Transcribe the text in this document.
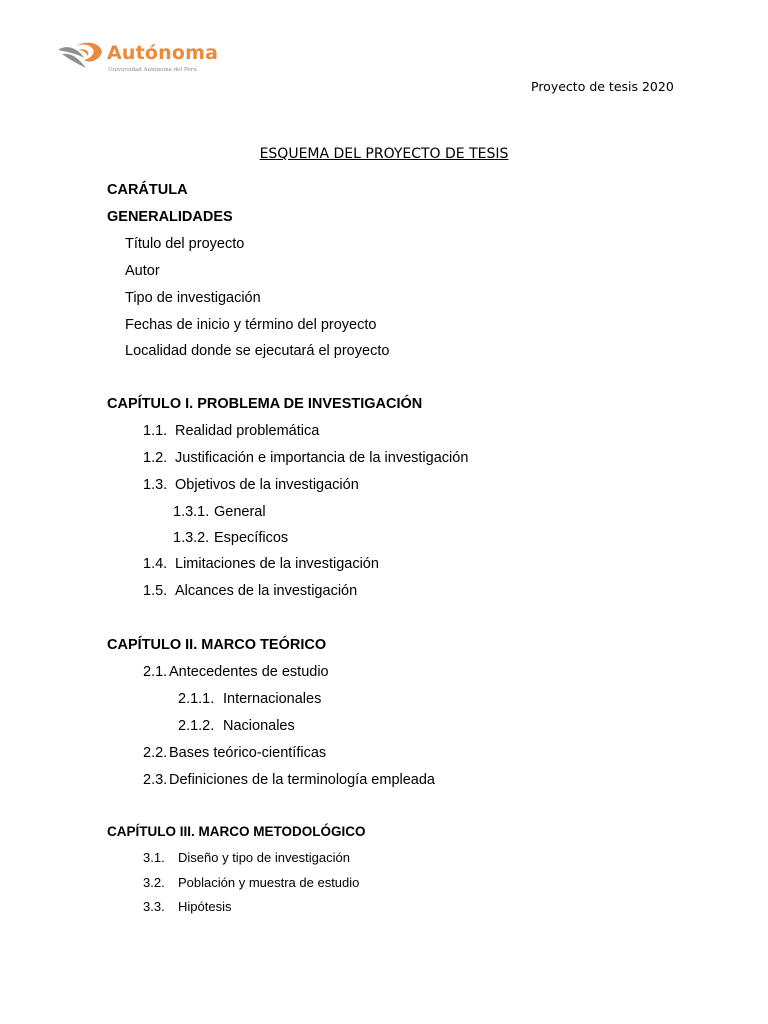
Autónoma
Universidad Autónoma del Perú
Proyecto de tesis 2020
ESQUEMA DEL PROYECTO DE TESIS
CARÁTULA
GENERALIDADES
Título del proyecto
Autor
Tipo de investigación
Fechas de inicio y término del proyecto
Localidad donde se ejecutará el proyecto
CAPÍTULO I. PROBLEMA DE INVESTIGACIÓN
1.1. Realidad problemática
1.2. Justificación e importancia de la investigación
1.3. Objetivos de la investigación
1.3.1. General
1.3.2. Específicos
1.4. Limitaciones de la investigación
1.5. Alcances de la investigación
CAPÍTULO II. MARCO TEÓRICO
2.1. Antecedentes de estudio
2.1.1. Internacionales
2.1.2. Nacionales
2.2. Bases teórico-científicas
2.3. Definiciones de la terminología empleada
CAPÍTULO III. MARCO METODOLÓGICO
3.1. Diseño y tipo de investigación
3.2. Población y muestra de estudio
3.3. Hipótesis
